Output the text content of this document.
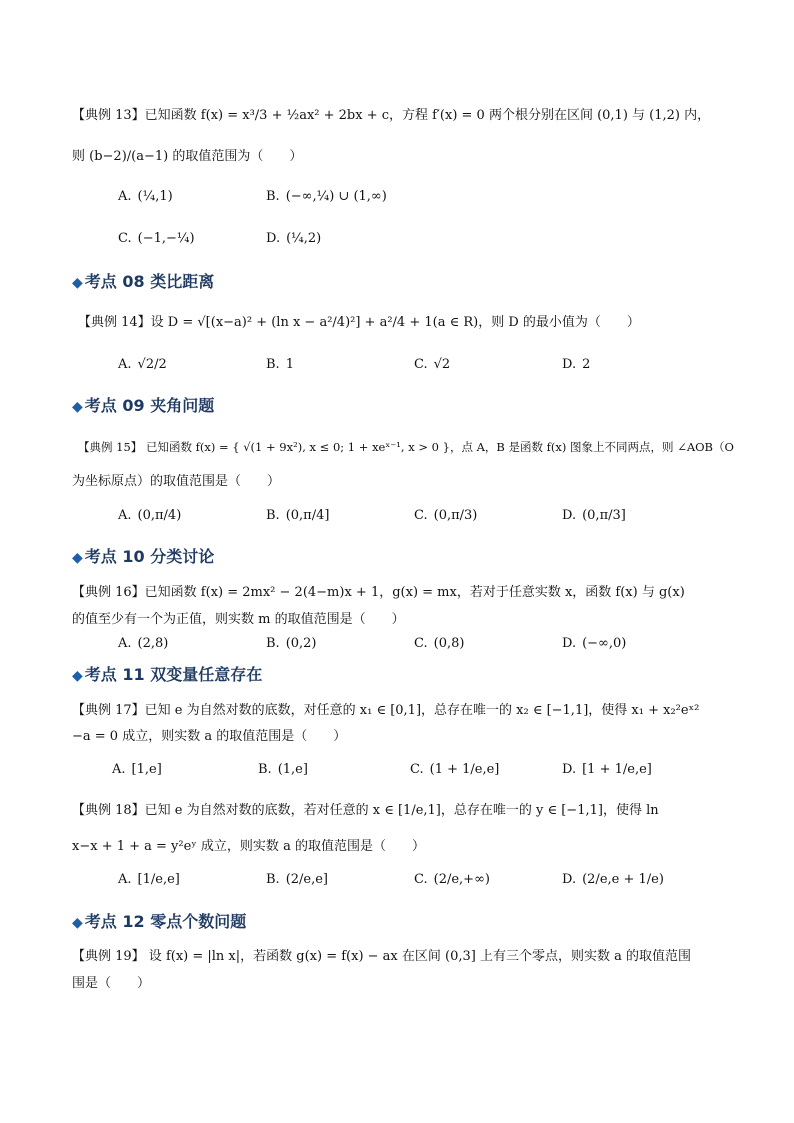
【典例 13】已知函数 f(x) = x³/3 + ½ax² + 2bx + c，方程 f′(x) = 0 两个根分别在区间 (0,1) 与 (1,2) 内，
则 (b−2)/(a−1) 的取值范围为（　　）
A. (¼,1)	B. (−∞,¼) ∪ (1,∞)
C. (−1,−¼)	D. (¼,2)
◆ 考点 08 类比距离
【典例 14】设 D = √[(x−a)² + (ln x − a²/4)²] + a²/4 + 1(a ∈ R)，则 D 的最小值为（　　）
A. √2/2	B. 1	C. √2	D. 2
◆ 考点 09 夹角问题
【典例 15】 已知函数 f(x) = { √(1 + 9x²), x ≤ 0; 1 + xeˣ⁻¹, x > 0 }，点 A，B 是函数 f(x) 图象上不同两点，则 ∠AOB（O
为坐标原点）的取值范围是（　　）
A. (0,π/4)	B. (0,π/4]	C. (0,π/3)	D. (0,π/3]
◆ 考点 10 分类讨论
【典例 16】已知函数 f(x) = 2mx² − 2(4−m)x + 1，g(x) = mx，若对于任意实数 x，函数 f(x) 与 g(x)
的值至少有一个为正值，则实数 m 的取值范围是（　　）
A. (2,8)	B. (0,2)	C. (0,8)	D. (−∞,0)
◆ 考点 11 双变量任意存在
【典例 17】已知 e 为自然对数的底数，对任意的 x₁ ∈ [0,1]，总存在唯一的 x₂ ∈ [−1,1]，使得 x₁ + x₂²eˣ²
−a = 0 成立，则实数 a 的取值范围是（　　）
A. [1,e]	B. (1,e]	C. (1 + 1/e,e]	D. [1 + 1/e,e]
【典例 18】已知 e 为自然对数的底数，若对任意的 x ∈ [1/e,1]，总存在唯一的 y ∈ [−1,1]，使得 ln
x−x + 1 + a = y²eʸ 成立，则实数 a 的取值范围是（　　）
A. [1/e,e]	B. (2/e,e]	C. (2/e,+∞)	D. (2/e,e + 1/e)
◆ 考点 12 零点个数问题
【典例 19】 设 f(x) = |ln x|，若函数 g(x) = f(x) − ax 在区间 (0,3] 上有三个零点，则实数 a 的取值范围
围是（　　）
